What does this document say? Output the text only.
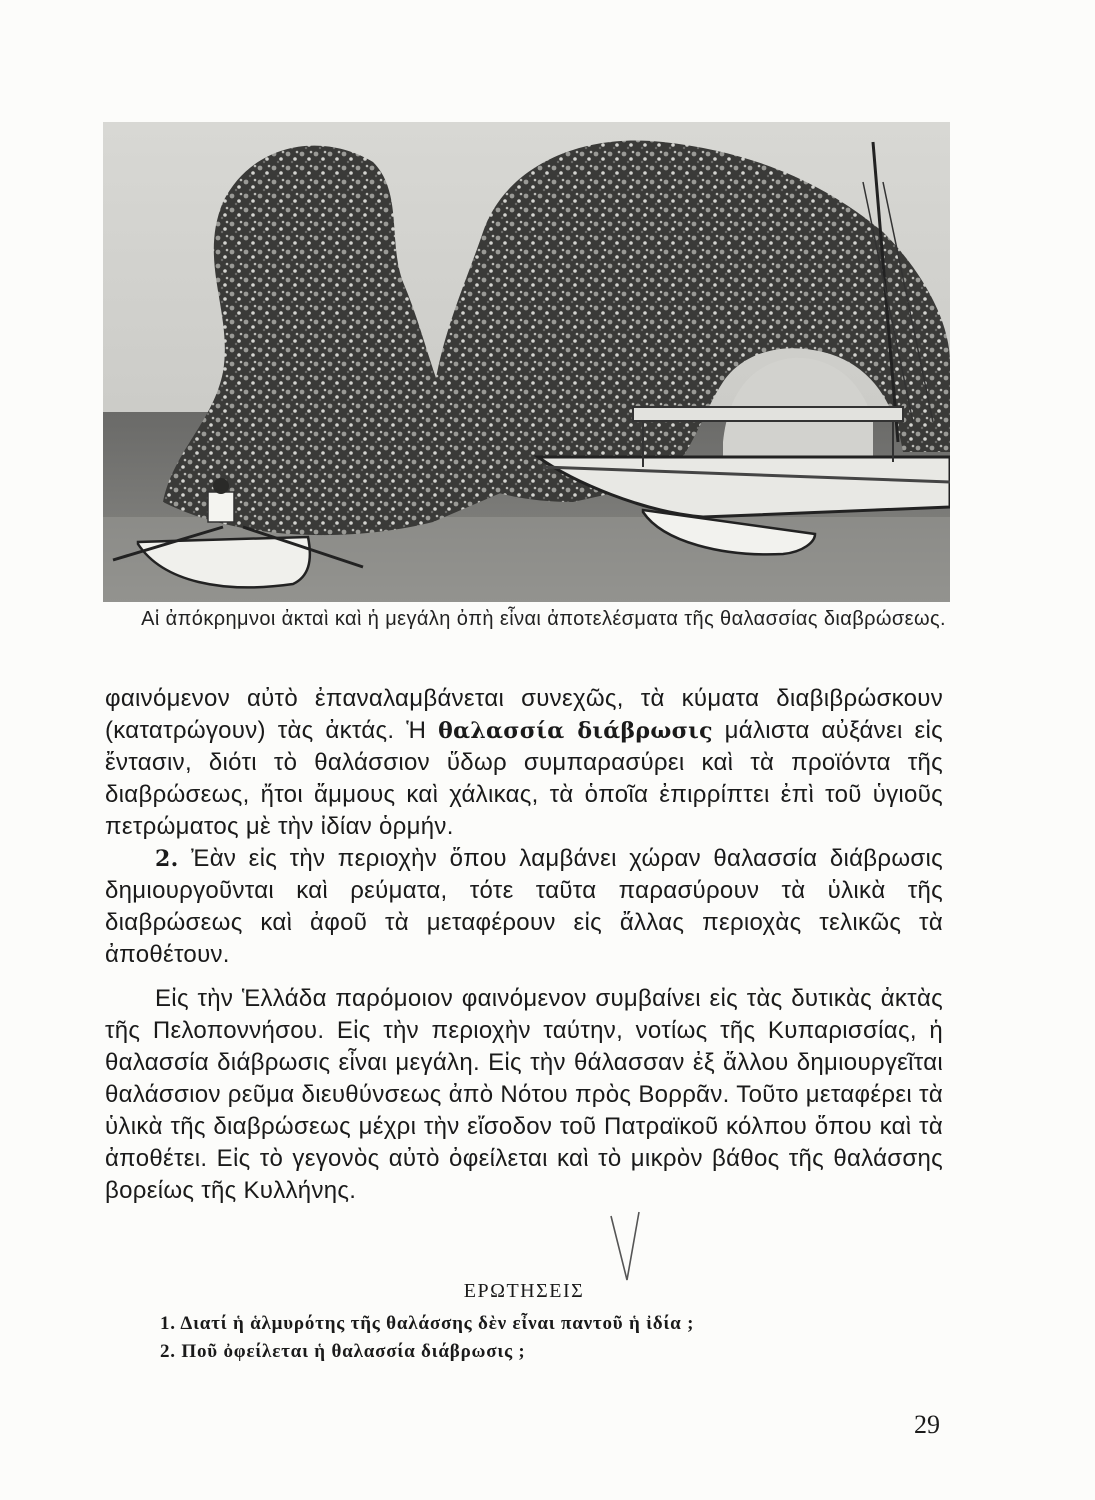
Αἱ ἀπόκρημνοι ἀκταὶ καὶ ἡ μεγάλη ὀπὴ εἶναι ἀποτελέσματα τῆς θαλασσίας διαβρώσεως.

φαινόμενον αὐτὸ ἐπαναλαμβάνεται συνεχῶς, τὰ κύματα διαβιβρώσκουν (κατατρώγουν) τὰς ἀκτάς. Ἡ θαλασσία διάβρωσις μάλιστα αὐξάνει εἰς ἔντασιν, διότι τὸ θαλάσσιον ὕδωρ συμπαρασύρει καὶ τὰ προϊόντα τῆς διαβρώσεως, ἤτοι ἄμμους καὶ χάλικας, τὰ ὁποῖα ἐπιρρίπτει ἐπὶ τοῦ ὑγιοῦς πετρώματος μὲ τὴν ἰδίαν ὁρμήν.

2. Ἐὰν εἰς τὴν περιοχὴν ὅπου λαμβάνει χώραν θαλασσία διάβρωσις δημιουργοῦνται καὶ ρεύματα, τότε ταῦτα παρασύρουν τὰ ὑλικὰ τῆς διαβρώσεως καὶ ἀφοῦ τὰ μεταφέρουν εἰς ἄλλας περιοχὰς τελικῶς τὰ ἀποθέτουν.

Εἰς τὴν Ἑλλάδα παρόμοιον φαινόμενον συμβαίνει εἰς τὰς δυτικὰς ἀκτὰς τῆς Πελοποννήσου. Εἰς τὴν περιοχὴν ταύτην, νοτίως τῆς Κυπαρισσίας, ἡ θαλασσία διάβρωσις εἶναι μεγάλη. Εἰς τὴν θάλασσαν ἐξ ἄλλου δημιουργεῖται θαλάσσιον ρεῦμα διευθύνσεως ἀπὸ Νότου πρὸς Βορρᾶν. Τοῦτο μεταφέρει τὰ ὑλικὰ τῆς διαβρώσεως μέχρι τὴν εἴσοδον τοῦ Πατραϊκοῦ κόλπου ὅπου καὶ τὰ ἀποθέτει. Εἰς τὸ γεγονὸς αὐτὸ ὀφείλεται καὶ τὸ μικρὸν βάθος τῆς θαλάσσης βορείως τῆς Κυλλήνης.

ΕΡΩΤΗΣΕΙΣ

1. Διατί ἡ ἁλμυρότης τῆς θαλάσσης δὲν εἶναι παντοῦ ἡ ἰδία ;

2. Ποῦ ὀφείλεται ἡ θαλασσία διάβρωσις ;

29
